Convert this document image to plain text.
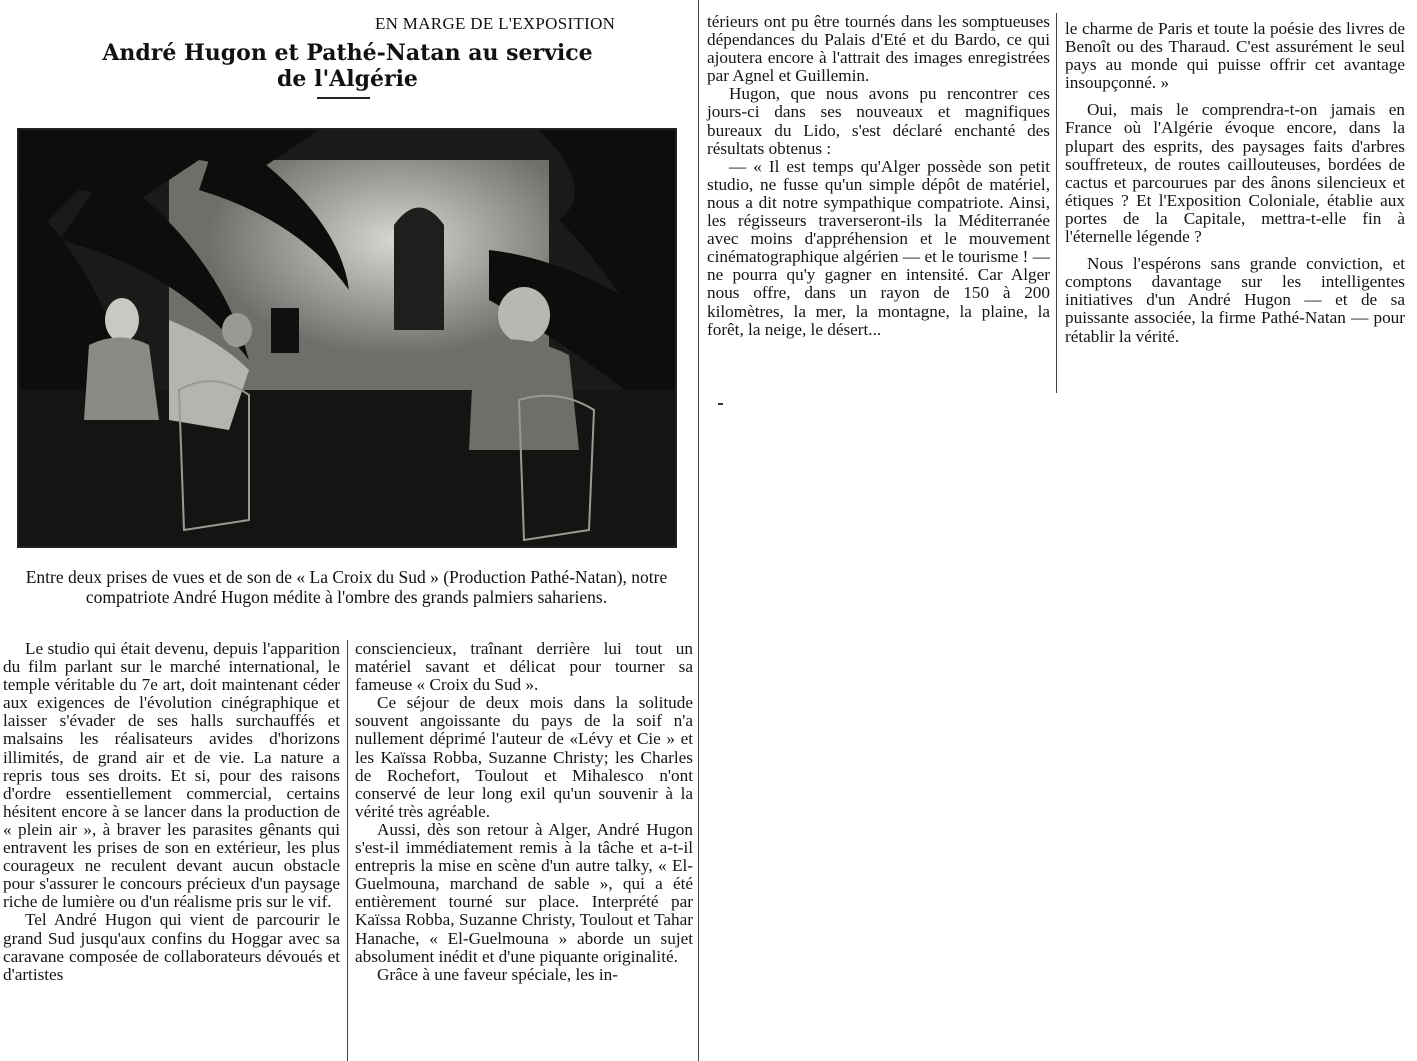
EN MARGE DE L'EXPOSITION
André Hugon et Pathé-Natan au service
de l'Algérie
Entre deux prises de vues et de son de « La Croix du Sud » (Production Pathé-Natan), notre compatriote André Hugon médite à l'ombre des grands palmiers sahariens.

Le studio qui était devenu, depuis l'apparition du film parlant sur le marché international, le temple véritable du 7e art, doit maintenant céder aux exigences de l'évolution cinégraphique et laisser s'évader de ses halls surchauffés et malsains les réalisateurs avides d'horizons illimités, de grand air et de vie. La nature a repris tous ses droits. Et si, pour des raisons d'ordre essentiellement commercial, certains hésitent encore à se lancer dans la production de « plein air », à braver les parasites gênants qui entravent les prises de son en extérieur, les plus courageux ne reculent devant aucun obstacle pour s'assurer le concours précieux d'un paysage riche de lumière ou d'un réalisme pris sur le vif.

Tel André Hugon qui vient de parcourir le grand Sud jusqu'aux confins du Hoggar avec sa caravane composée de collaborateurs dévoués et d'artistes

consciencieux, traînant derrière lui tout un matériel savant et délicat pour tourner sa fameuse « Croix du Sud ».

Ce séjour de deux mois dans la solitude souvent angoissante du pays de la soif n'a nullement déprimé l'auteur de «Lévy et Cie » et les Kaïssa Robba, Suzanne Christy; les Charles de Rochefort, Toulout et Mihalesco n'ont conservé de leur long exil qu'un souvenir à la vérité très agréable.

Aussi, dès son retour à Alger, André Hugon s'est-il immédiatement remis à la tâche et a-t-il entrepris la mise en scène d'un autre talky, « El-Guelmouna, marchand de sable », qui a été entièrement tourné sur place. Interprété par Kaïssa Robba, Suzanne Christy, Toulout et Tahar Hanache, « El-Guelmouna » aborde un sujet absolument inédit et d'une piquante originalité.

Grâce à une faveur spéciale, les in-

térieurs ont pu être tournés dans les somptueuses dépendances du Palais d'Eté et du Bardo, ce qui ajoutera encore à l'attrait des images enregistrées par Agnel et Guillemin.

Hugon, que nous avons pu rencontrer ces jours-ci dans ses nouveaux et magnifiques bureaux du Lido, s'est déclaré enchanté des résultats obtenus :

— « Il est temps qu'Alger possède son petit studio, ne fusse qu'un simple dépôt de matériel, nous a dit notre sympathique compatriote. Ainsi, les régisseurs traverseront-ils la Méditerranée avec moins d'appréhension et le mouvement cinématographique algérien — et le tourisme ! — ne pourra qu'y gagner en intensité. Car Alger nous offre, dans un rayon de 150 à 200 kilomètres, la mer, la montagne, la plaine, la forêt, la neige, le désert...

le charme de Paris et toute la poésie des livres de Benoît ou des Tharaud. C'est assurément le seul pays au monde qui puisse offrir cet avantage insoupçonné. »

Oui, mais le comprendra-t-on jamais en France où l'Algérie évoque encore, dans la plupart des esprits, des paysages faits d'arbres souffreteux, de routes caillouteuses, bordées de cactus et parcourues par des ânons silencieux et étiques ? Et l'Exposition Coloniale, établie aux portes de la Capitale, mettra-t-elle fin à l'éternelle légende ?

Nous l'espérons sans grande conviction, et comptons davantage sur les intelligentes initiatives d'un André Hugon — et de sa puissante associée, la firme Pathé-Natan — pour rétablir la vérité.
